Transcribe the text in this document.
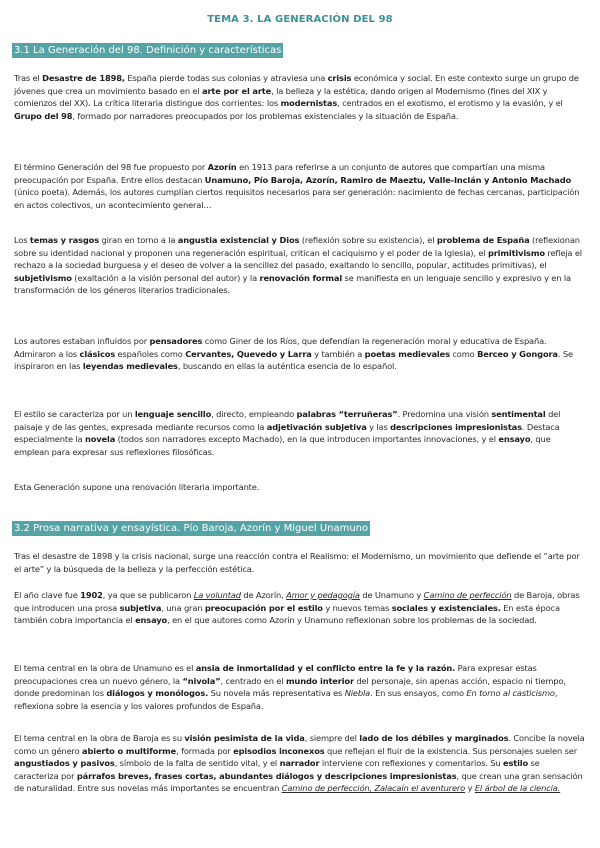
TEMA 3. LA GENERACIÓN DEL 98
3.1 La Generación del 98. Definición y características

Tras el Desastre de 1898, España pierde todas sus colonias y atraviesa una crisis económica y social. En este contexto surge un grupo de jóvenes que crea un movimiento basado en el arte por el arte, la belleza y la estética, dando origen al Modernismo (fines del XIX y comienzos del XX). La crítica literaria distingue dos corrientes: los modernistas, centrados en el exotismo, el erotismo y la evasión, y el Grupo del 98, formado por narradores preocupados por los problemas existenciales y la situación de España.

El término Generación del 98 fue propuesto por Azorín en 1913 para referirse a un conjunto de autores que compartían una misma preocupación por España. Entre ellos destacan Unamuno, Pío Baroja, Azorín, Ramiro de Maeztu, Valle-Inclán y Antonio Machado (único poeta). Además, los autores cumplían ciertos requisitos necesarios para ser generación: nacimiento de fechas cercanas, participación en actos colectivos, un acontecimiento general…

Los temas y rasgos giran en torno a la angustia existencial y Dios (reflexión sobre su existencia), el problema de España (reflexionan sobre su identidad nacional y proponen una regeneración espiritual, critican el caciquismo y el poder de la Iglesia), el primitivismo refleja el rechazo a la sociedad burguesa y el deseo de volver a la sencillez del pasado, exaltando lo sencillo, popular, actitudes primitivas), el subjetivismo (exaltación a la visión personal del autor) y la renovación formal se manifiesta en un lenguaje sencillo y expresivo y en la transformación de los géneros literarios tradicionales.

Los autores estaban influidos por pensadores como Giner de los Ríos, que defendían la regeneración moral y educativa de España. Admiraron a los clásicos españoles como Cervantes, Quevedo y Larra y también a poetas medievales como Berceo y Gongora. Se inspiraron en las leyendas medievales, buscando en ellas la auténtica esencia de lo español.

El estilo se caracteriza por un lenguaje sencillo, directo, empleando palabras “terruñeras”. Predomina una visión sentimental del paisaje y de las gentes, expresada mediante recursos como la adjetivación subjetiva y las descripciones impresionistas. Destaca especialmente la novela (todos son narradores excepto Machado), en la que introducen importantes innovaciones, y el ensayo, que emplean para expresar sus reflexiones filosóficas.

Esta Generación supone una renovación literaria importante.

3.2 Prosa narrativa y ensayística. Pío Baroja, Azorín y Miguel Unamuno

Tras el desastre de 1898 y la crisis nacional, surge una reacción contra el Realismo: el Modernismo, un movimiento que defiende el “arte por el arte” y la búsqueda de la belleza y la perfección estética.

El año clave fue 1902, ya que se publicaron La voluntad de Azorín, Amor y pedagogía de Unamuno y Camino de perfección de Baroja, obras que introducen una prosa subjetiva, una gran preocupación por el estilo y nuevos temas sociales y existenciales. En esta época también cobra importancia el ensayo, en el que autores como Azorín y Unamuno reflexionan sobre los problemas de la sociedad.

El tema central en la obra de Unamuno es el ansia de inmortalidad y el conflicto entre la fe y la razón. Para expresar estas preocupaciones crea un nuevo género, la “nivola”, centrado en el mundo interior del personaje, sin apenas acción, espacio ni tiempo, donde predominan los diálogos y monólogos. Su novela más representativa es Niebla. En sus ensayos, como En torno al casticismo, reflexiona sobre la esencia y los valores profundos de España.

El tema central en la obra de Baroja es su visión pesimista de la vida, siempre del lado de los débiles y marginados. Concibe la novela como un género abierto o multiforme, formada por episodios inconexos que reflejan el fluir de la existencia. Sus personajes suelen ser angustiados y pasivos, símbolo de la falta de sentido vital, y el narrador interviene con reflexiones y comentarios. Su estilo se caracteriza por párrafos breves, frases cortas, abundantes diálogos y descripciones impresionistas, que crean una gran sensación de naturalidad. Entre sus novelas más importantes se encuentran Camino de perfección, Zalacaín el aventurero y El árbol de la ciencia.
